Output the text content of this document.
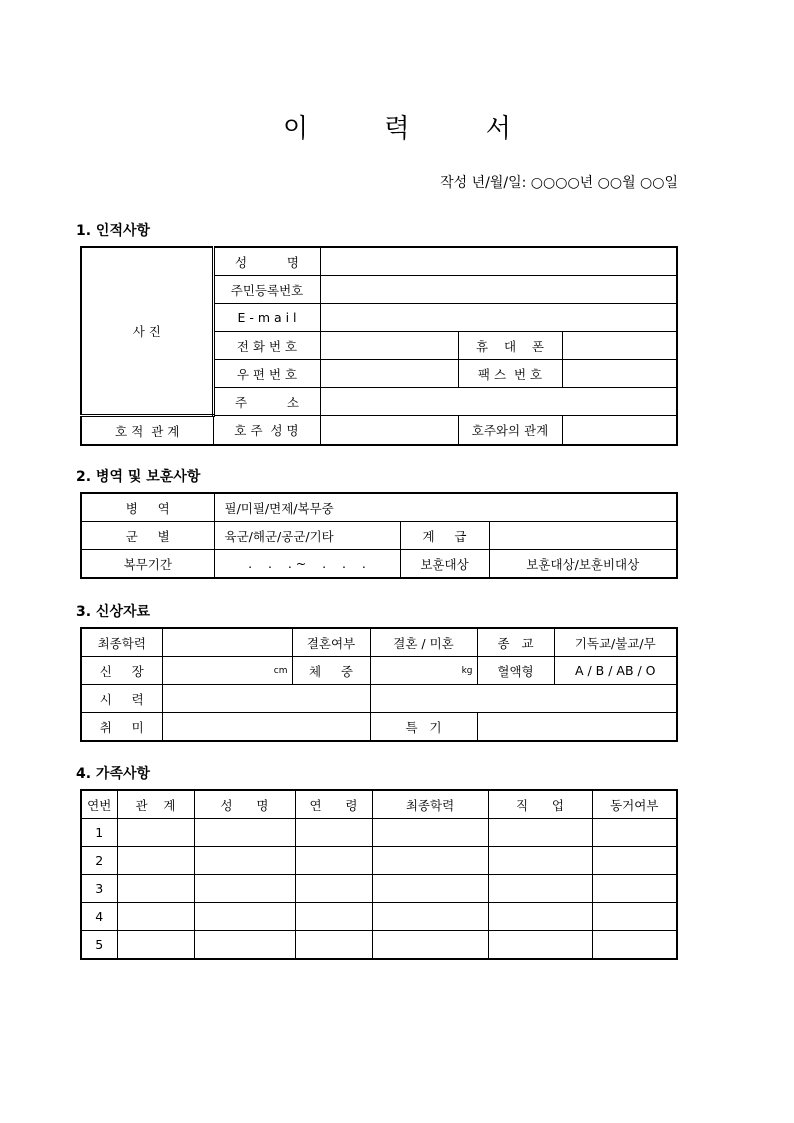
이 력 서
작성 년/월/일: ○○○○년 ○○월 ○○일
1. 인적사항
사 진	성          명			
	주민등록번호			
	E - m a i l			
	전 화 번 호		휴    대    폰	
	우 편 번 호		팩 스  번 호	
	주          소			
호 적  관 계	호 주  성 명		호주와의 관계	
2. 병역 및 보훈사항
병     역	필/미필/면제/복무중		
군     별	육군/해군/공군/기타	계     급	
복무기간	.    .    . ~    .    .    .	보훈대상	보훈대상/보훈비대상
3. 신상자료
최종학력		결혼여부	결혼 / 미혼	종   교	기독교/불교/무
신     장	cm	체     중	kg	혈액형	A / B / AB / O
시     력					
취     미			특   기		
4. 가족사항
연번	관    계	성      명	연      령	최종학력	직      업	동거여부
1						
2						
3						
4						
5						
